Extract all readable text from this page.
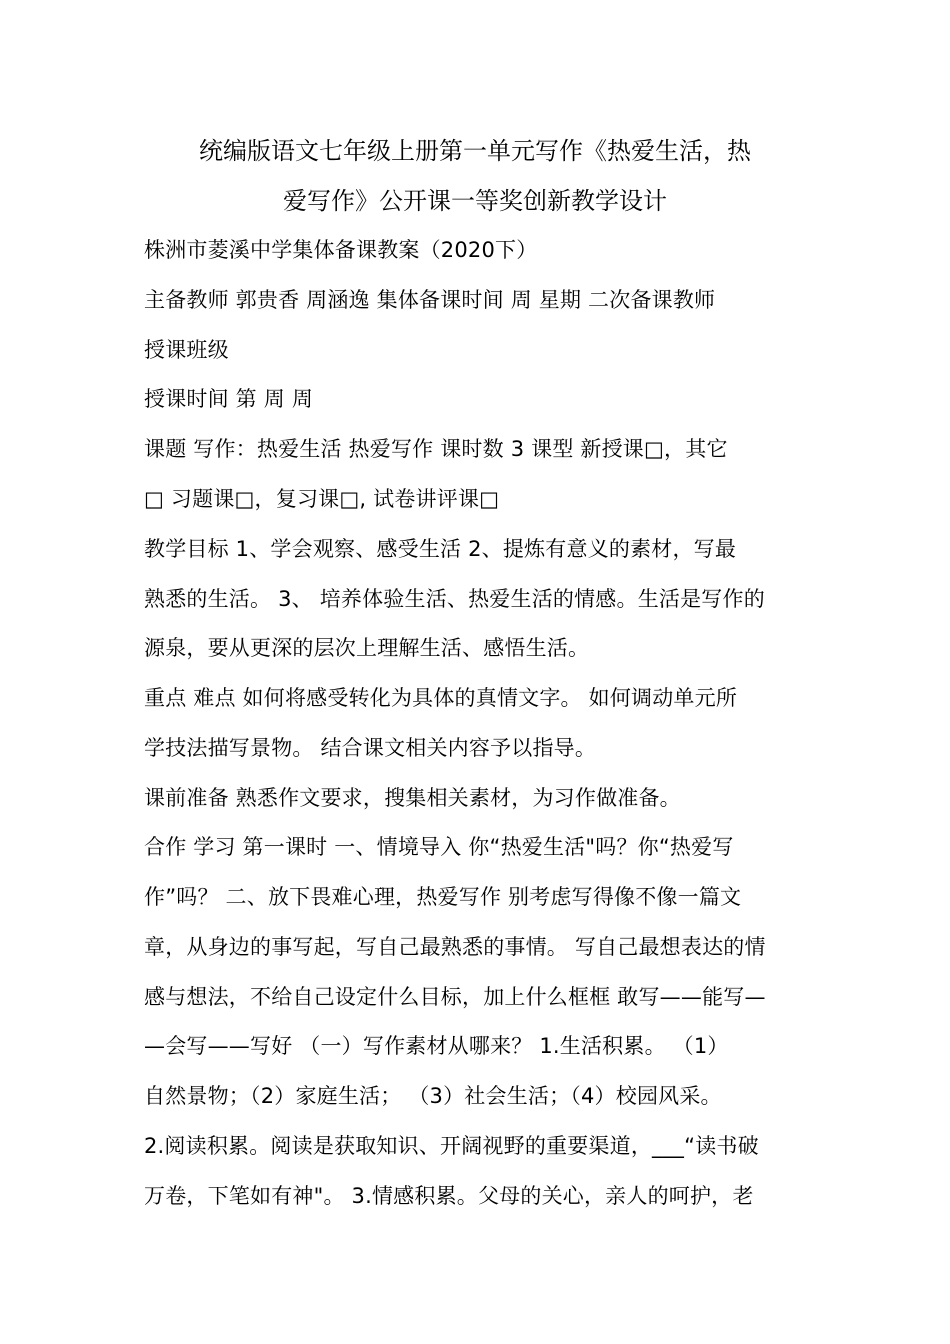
统编版语文七年级上册第一单元写作《热爱生活，热
爱写作》公开课一等奖创新教学设计
株洲市菱溪中学集体备课教案（2020下）
主备教师 郭贵香 周涵逸 集体备课时间 周 星期 二次备课教师
授课班级
授课时间 第 周 周
课题 写作：热爱生活 热爱写作 课时数 3 课型 新授课□，其它
□ 习题课□，复习课□, 试卷讲评课□
教学目标 1、学会观察、感受生活 2、提炼有意义的素材，写最
熟悉的生活。 3、 培养体验生活、热爱生活的情感。生活是写作的
源泉，要从更深的层次上理解生活、感悟生活。
重点 难点 如何将感受转化为具体的真情文字。 如何调动单元所
学技法描写景物。 结合课文相关内容予以指导。
课前准备 熟悉作文要求，搜集相关素材，为习作做准备。
合作 学习 第一课时 一、情境导入 你“热爱生活"吗？你“热爱写
作”吗？ 二、放下畏难心理，热爱写作 别考虑写得像不像一篇文
章，从身边的事写起，写自己最熟悉的事情。 写自己最想表达的情
感与想法，不给自己设定什么目标，加上什么框框 敢写——能写—
—会写——写好 （一）写作素材从哪来？ 1.生活积累。 （1）
自然景物；（2）家庭生活； （3）社会生活；（4）校园风采。
2.阅读积累。阅读是获取知识、开阔视野的重要渠道，___“读书破
万卷，下笔如有神"。 3.情感积累。父母的关心，亲人的呵护，老
